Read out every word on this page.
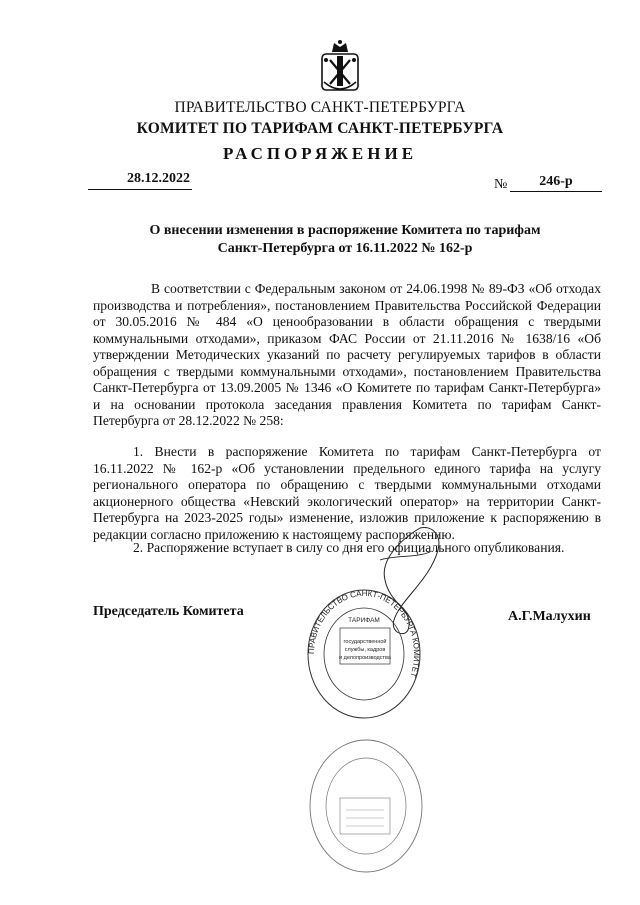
ПРАВИТЕЛЬСТВО САНКТ-ПЕТЕРБУРГА
КОМИТЕТ ПО ТАРИФАМ САНКТ-ПЕТЕРБУРГА
РАСПОРЯЖЕНИЕ
28.12.2022	№	246-р
О внесении изменения в распоряжение Комитета по тарифам
Санкт-Петербурга от 16.11.2022 № 162-р
В соответствии с Федеральным законом от 24.06.1998 № 89-ФЗ «Об отходах производства и потребления», постановлением Правительства Российской Федерации от 30.05.2016 № 484 «О ценообразовании в области обращения с твердыми коммунальными отходами», приказом ФАС России от 21.11.2016 № 1638/16 «Об утверждении Методических указаний по расчету регулируемых тарифов в области обращения с твердыми коммунальными отходами», постановлением Правительства Санкт-Петербурга от 13.09.2005 № 1346 «О Комитете по тарифам Санкт-Петербурга» и на основании протокола заседания правления Комитета по тарифам Санкт-Петербурга от 28.12.2022 № 258:
1. Внести в распоряжение Комитета по тарифам Санкт-Петербурга от 16.11.2022 № 162-р «Об установлении предельного единого тарифа на услугу регионального оператора по обращению с твердыми коммунальными отходами акционерного общества «Невский экологический оператор» на территории Санкт-Петербурга на 2023-2025 годы» изменение, изложив приложение к распоряжению в редакции согласно приложению к настоящему распоряжению.
2. Распоряжение вступает в силу со дня его официального опубликования.
Председатель Комитета	А.Г.Малухин
ПРАВИТЕЛЬСТВО САНКТ-ПЕТЕРБУРГА КОМИТЕТ
ТАРИФАМ
государственной
службы, кадров
и делопроизводства
